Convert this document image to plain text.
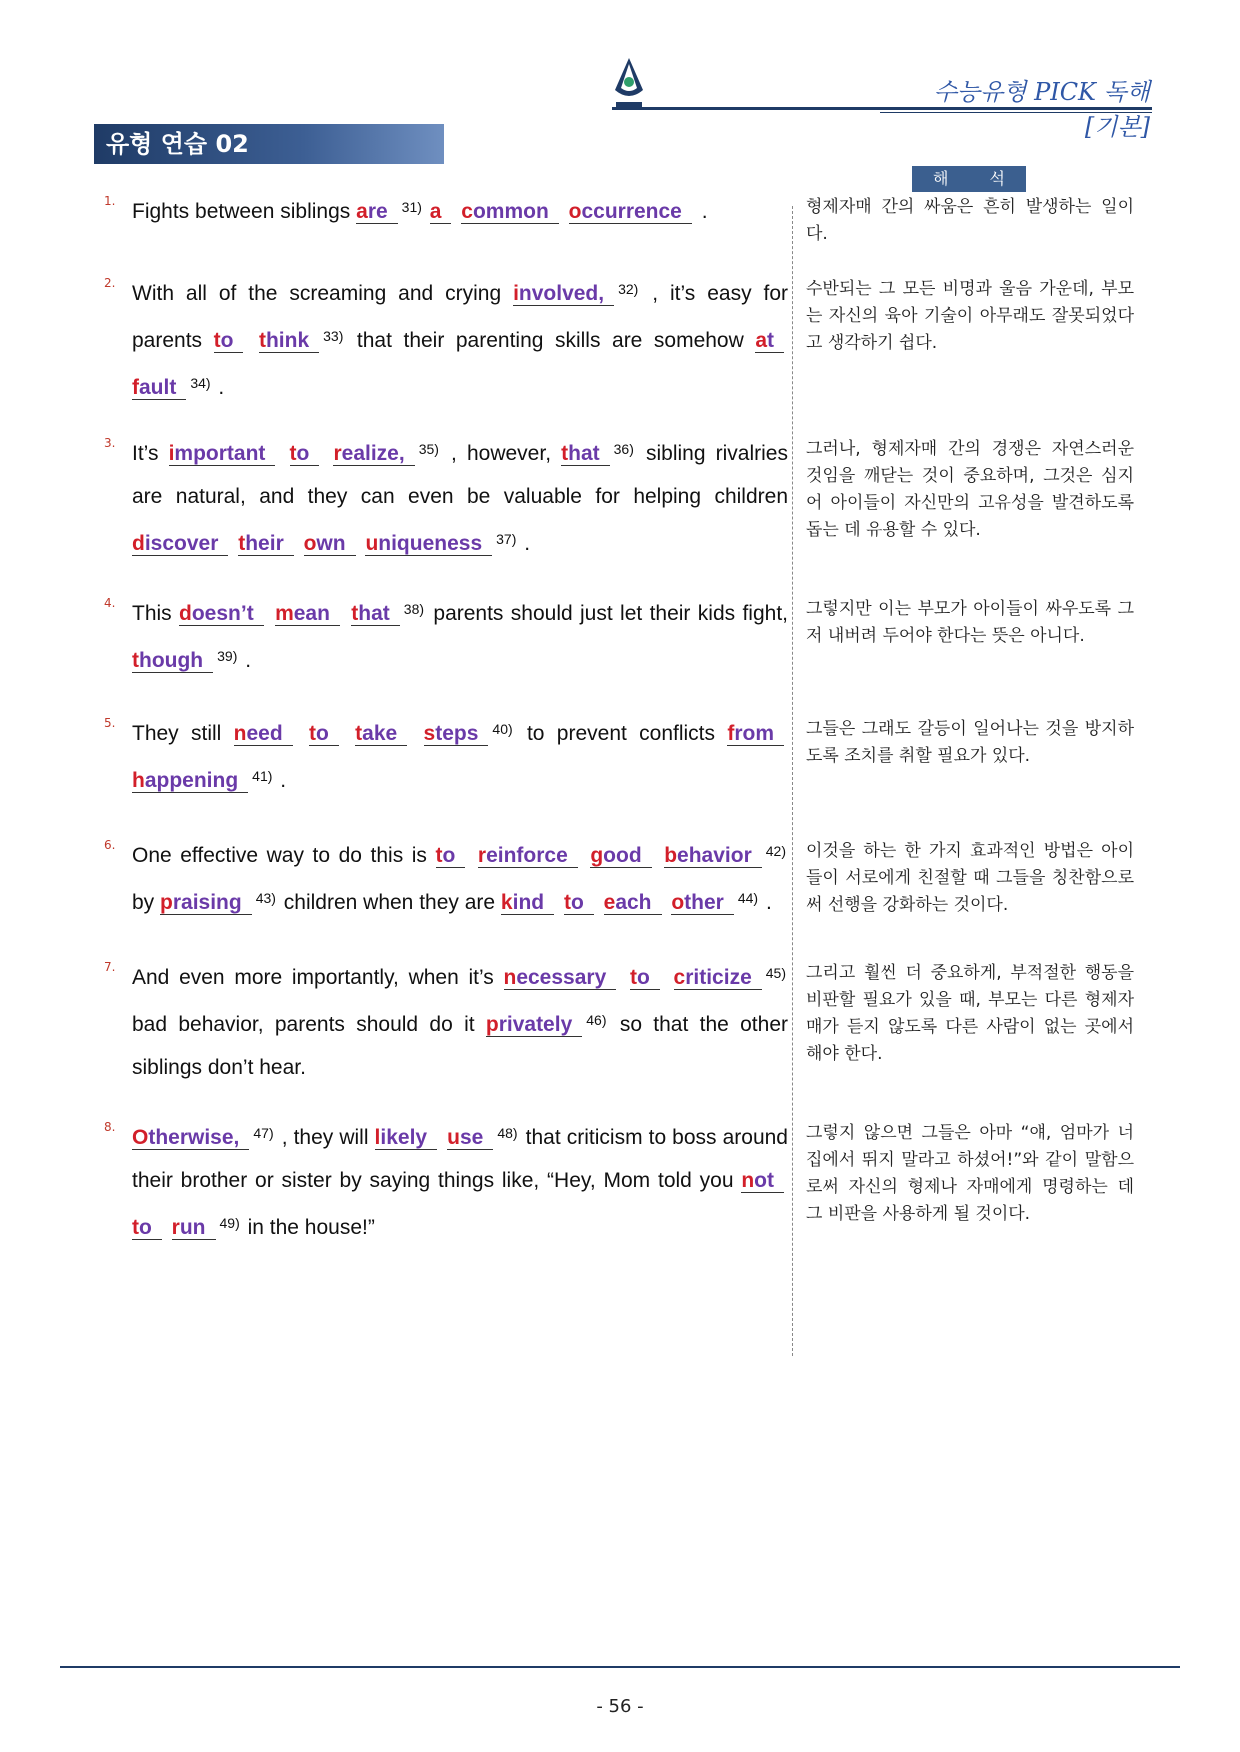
수능유형 PICK 독해 [기본]
유형 연습 02
해 석
1. Fights between siblings are $^{31)}$ a common occurrence .	형제자매 간의 싸움은 흔히 발생하는 일이다.
2. With all of the screaming and crying involved, $^{32)}$ , it’s easy for parents to think $^{33)}$ that their parenting skills are somehow at fault $^{34)}$ .
수반되는 그 모든 비명과 울음 가운데, 부모는 자신의 육아 기술이 아무래도 잘못되었다고 생각하기 쉽다.
3. It’s important to realize, $^{35)}$ , however, that $^{36)}$ sibling rivalries are natural, and they can even be valuable for helping children discover their own uniqueness $^{37)}$ .
그러나, 형제자매 간의 경쟁은 자연스러운 것임을 깨닫는 것이 중요하며, 그것은 심지어 아이들이 자신만의 고유성을 발견하도록 돕는 데 유용할 수 있다.
4. This doesn’t mean that $^{38)}$ parents should just let their kids fight, though $^{39)}$ .
그렇지만 이는 부모가 아이들이 싸우도록 그저 내버려 두어야 한다는 뜻은 아니다.
5. They still need to take steps $^{40)}$ to prevent conflicts from happening $^{41)}$ .
그들은 그래도 갈등이 일어나는 것을 방지하도록 조치를 취할 필요가 있다.
6. One effective way to do this is to reinforce good behavior $^{42)}$ by praising $^{43)}$ children when they are kind to each other $^{44)}$ .
이것을 하는 한 가지 효과적인 방법은 아이들이 서로에게 친절할 때 그들을 칭찬함으로써 선행을 강화하는 것이다.
7. And even more importantly, when it’s necessary to criticize $^{45)}$ bad behavior, parents should do it privately $^{46)}$ so that the other siblings don’t hear.
그리고 훨씬 더 중요하게, 부적절한 행동을 비판할 필요가 있을 때, 부모는 다른 형제자매가 듣지 않도록 다른 사람이 없는 곳에서 해야 한다.
8. Otherwise, $^{47)}$ , they will likely use $^{48)}$ that criticism to boss around their brother or sister by saying things like, “Hey, Mom told you not to run $^{49)}$ in the house!”
그렇지 않으면 그들은 아마 “얘, 엄마가 너 집에서 뛰지 말라고 하셨어!”와 같이 말함으로써 자신의 형제나 자매에게 명령하는 데 그 비판을 사용하게 될 것이다.
- 56 -
